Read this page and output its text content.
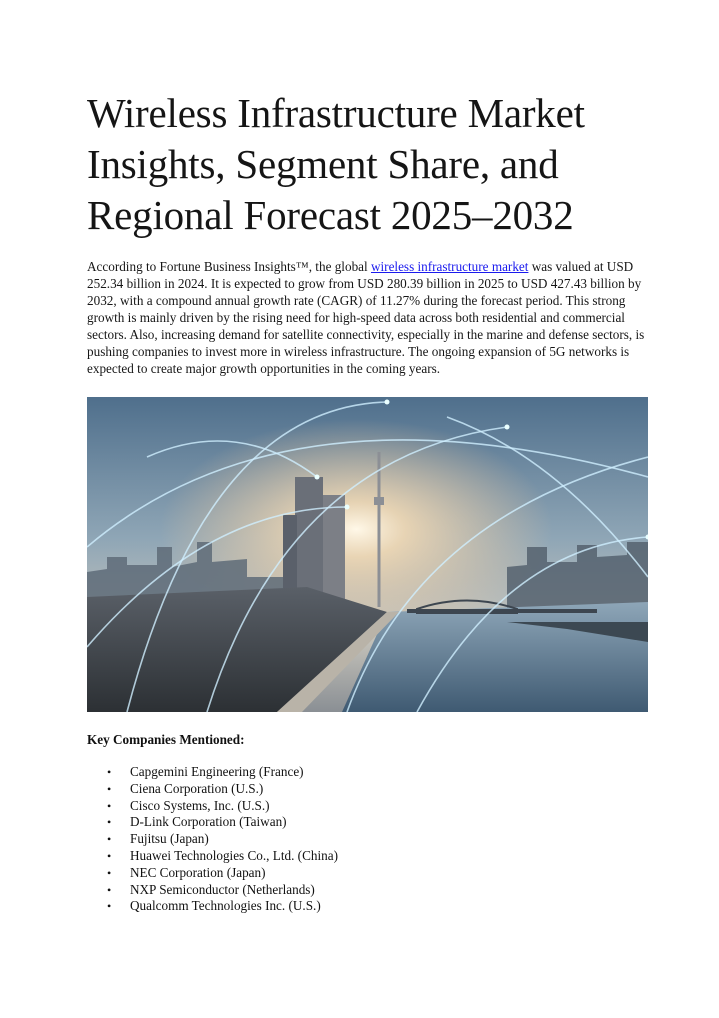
Wireless Infrastructure Market Insights, Segment Share, and Regional Forecast 2025–2032

According to Fortune Business Insights™, the global wireless infrastructure market was valued at USD 252.34 billion in 2024. It is expected to grow from USD 280.39 billion in 2025 to USD 427.43 billion by 2032, with a compound annual growth rate (CAGR) of 11.27% during the forecast period. This strong growth is mainly driven by the rising need for high-speed data across both residential and commercial sectors. Also, increasing demand for satellite connectivity, especially in the marine and defense sectors, is pushing companies to invest more in wireless infrastructure. The ongoing expansion of 5G networks is expected to create major growth opportunities in the coming years.

Key Companies Mentioned:

• Capgemini Engineering (France)
• Ciena Corporation (U.S.)
• Cisco Systems, Inc. (U.S.)
• D-Link Corporation (Taiwan)
• Fujitsu (Japan)
• Huawei Technologies Co., Ltd. (China)
• NEC Corporation (Japan)
• NXP Semiconductor (Netherlands)
• Qualcomm Technologies Inc. (U.S.)
